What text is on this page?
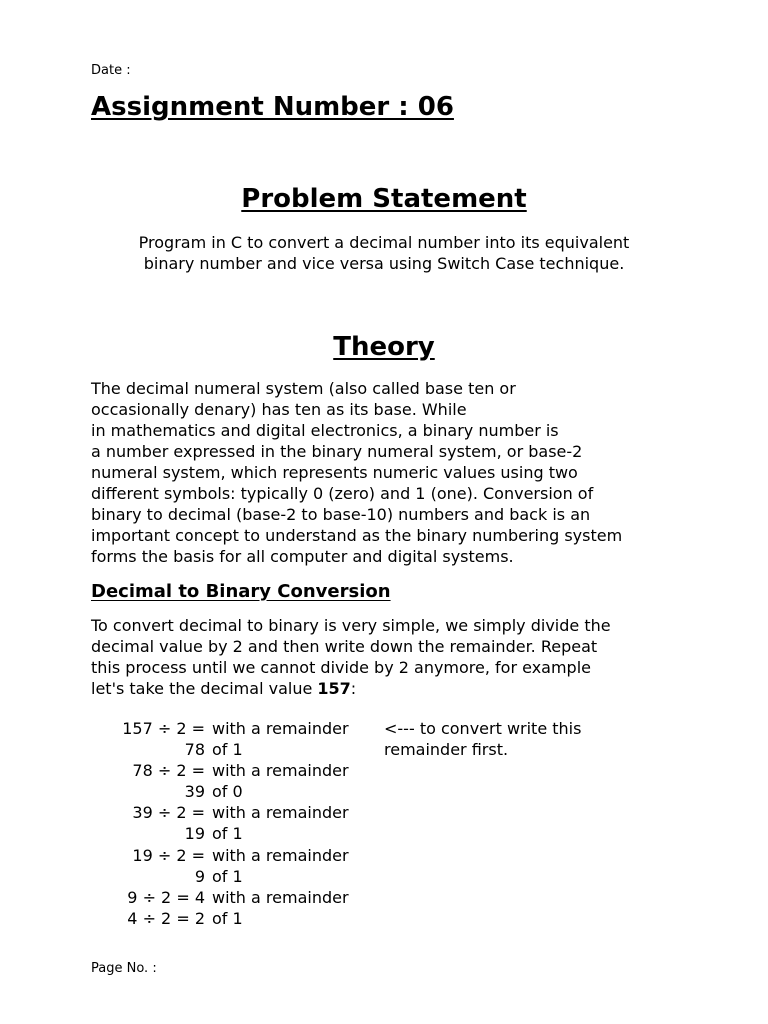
Date :
Assignment Number : 06
Problem Statement
Program in C to convert a decimal number into its equivalent
binary number and vice versa using Switch Case technique.
Theory
The decimal numeral system (also called base ten or
occasionally denary) has ten as its base. While
in mathematics and digital electronics, a binary number is
a number expressed in the binary numeral system, or base-2
numeral system, which represents numeric values using two
different symbols: typically 0 (zero) and 1 (one). Conversion of
binary to decimal (base-2 to base-10) numbers and back is an
important concept to understand as the binary numbering system
forms the basis for all computer and digital systems.
Decimal to Binary Conversion
To convert decimal to binary is very simple, we simply divide the
decimal value by 2 and then write down the remainder. Repeat
this process until we cannot divide by 2 anymore, for example
let's take the decimal value 157:
157 ÷ 2 = with a remainder
78 of 1
78 ÷ 2 = with a remainder
39 of 0
39 ÷ 2 = with a remainder
19 of 1
19 ÷ 2 = with a remainder
9 of 1
9 ÷ 2 = 4 with a remainder
4 ÷ 2 = 2 of 1
<--- to convert write this
remainder first.
Page No. :
